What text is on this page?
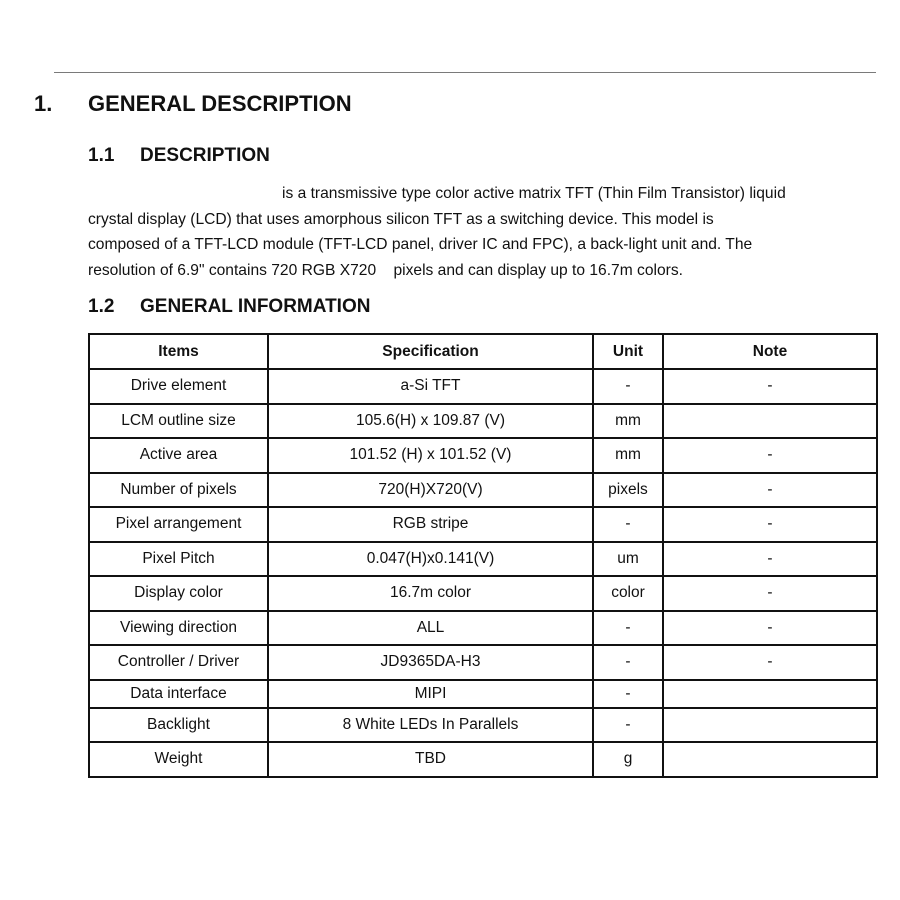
1. GENERAL DESCRIPTION
1.1 DESCRIPTION
is a transmissive type color active matrix TFT (Thin Film Transistor) liquid
crystal display (LCD) that uses amorphous silicon TFT as a switching device. This model is
composed of a TFT-LCD module (TFT-LCD panel, driver IC and FPC), a back-light unit and. The
resolution of 6.9" contains 720 RGB X720    pixels and can display up to 16.7m colors.
1.2 GENERAL INFORMATION
Items	Specification	Unit	Note
Drive element	a-Si TFT	-	-
LCM outline size	105.6(H) x 109.87 (V)	mm	
Active area	101.52 (H) x 101.52 (V)	mm	-
Number of pixels	720(H)X720(V)	pixels	-
Pixel arrangement	RGB stripe	-	-
Pixel Pitch	0.047(H)x0.141(V)	um	-
Display color	16.7m color	color	-
Viewing direction	ALL	-	-
Controller / Driver	JD9365DA-H3	-	-
Data interface	MIPI	-	
Backlight	8 White LEDs In Parallels	-	
Weight	TBD	g	
